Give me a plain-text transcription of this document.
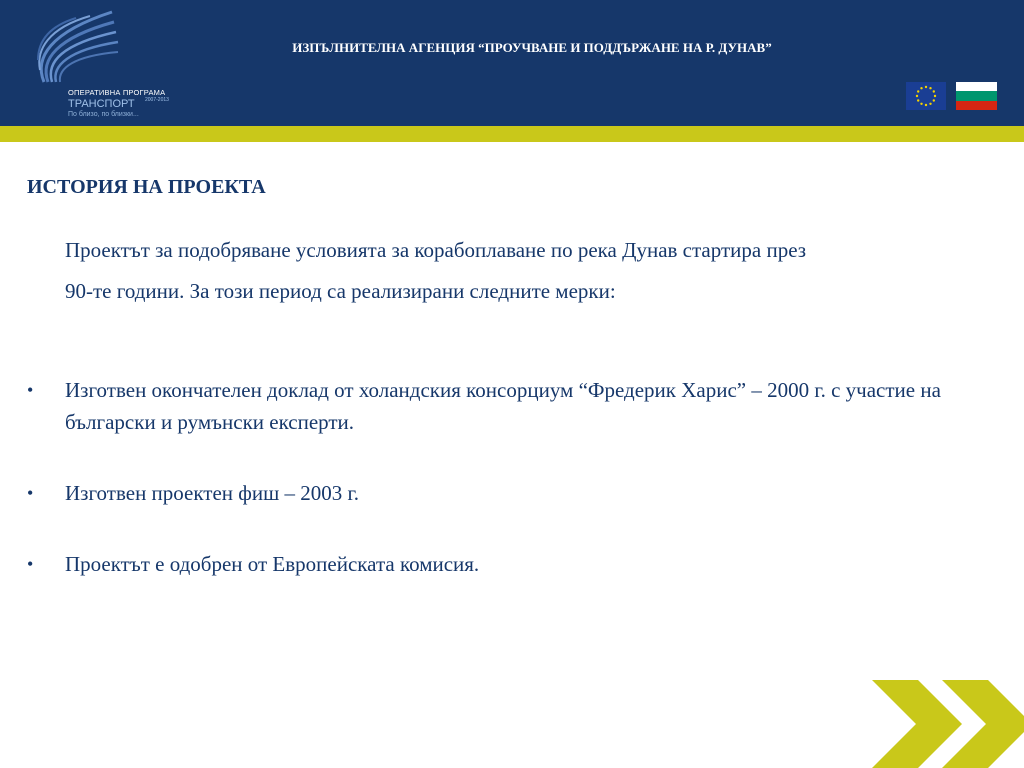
ОПЕРАТИВНА ПРОГРАМА
ТРАНСПОРТ 2007-2013
По близо, по близки...
ИЗПЪЛНИТЕЛНА АГЕНЦИЯ “ПРОУЧВАНЕ И ПОДДЪРЖАНЕ НА Р. ДУНАВ”
ИСТОРИЯ НА ПРОЕКТА

Проектът за подобряване условията за корабоплаване по река Дунав стартира през

90-те години. За този период са реализирани следните мерки:

• Изготвен окончателен доклад от холандския консорциум “Фредерик Харис” – 2000 г. с участие на български и румънски експерти.
• Изготвен проектен фиш – 2003 г.
• Проектът е одобрен от Европейската комисия.
